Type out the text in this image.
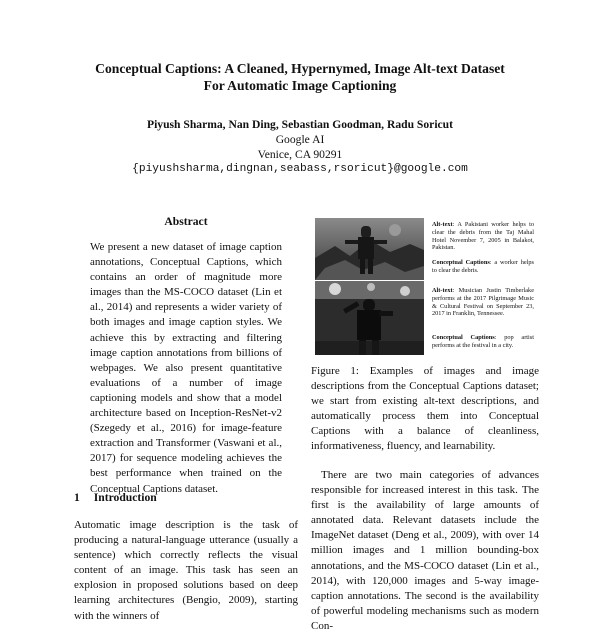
Conceptual Captions: A Cleaned, Hypernymed, Image Alt-text Dataset
For Automatic Image Captioning
Piyush Sharma, Nan Ding, Sebastian Goodman, Radu Soricut
Google AI
Venice, CA 90291
{piyushsharma,dingnan,seabass,rsoricut}@google.com
Abstract
We present a new dataset of image caption annotations, Conceptual Captions, which contains an order of magnitude more images than the MS-COCO dataset (Lin et al., 2014) and represents a wider variety of both images and image caption styles. We achieve this by extracting and filtering image caption annotations from billions of webpages. We also present quantitative evaluations of a number of image captioning models and show that a model architecture based on Inception-ResNet-v2 (Szegedy et al., 2016) for image-feature extraction and Transformer (Vaswani et al., 2017) for sequence modeling achieves the best performance when trained on the Conceptual Captions dataset.
1 Introduction
Automatic image description is the task of producing a natural-language utterance (usually a sentence) which correctly reflects the visual content of an image. This task has seen an explosion in proposed solutions based on deep learning architectures (Bengio, 2009), starting with the winners of
Alt-text: A Pakistani worker helps to clear the debris from the Taj Mahal Hotel November 7, 2005 in Balakot, Pakistan.
Conceptual Captions: a worker helps to clear the debris.
Alt-text: Musician Justin Timberlake performs at the 2017 Pilgrimage Music & Cultural Festival on September 23, 2017 in Franklin, Tennessee.
Conceptual Captions: pop artist performs at the festival in a city.
Figure 1: Examples of images and image descriptions from the Conceptual Captions dataset; we start from existing alt-text descriptions, and automatically process them into Conceptual Captions with a balance of cleanliness, informativeness, fluency, and learnability.
There are two main categories of advances responsible for increased interest in this task. The first is the availability of large amounts of annotated data. Relevant datasets include the ImageNet dataset (Deng et al., 2009), with over 14 million images and 1 million bounding-box annotations, and the MS-COCO dataset (Lin et al., 2014), with 120,000 images and 5-way image-caption annotations. The second is the availability of powerful modeling mechanisms such as modern Con-
